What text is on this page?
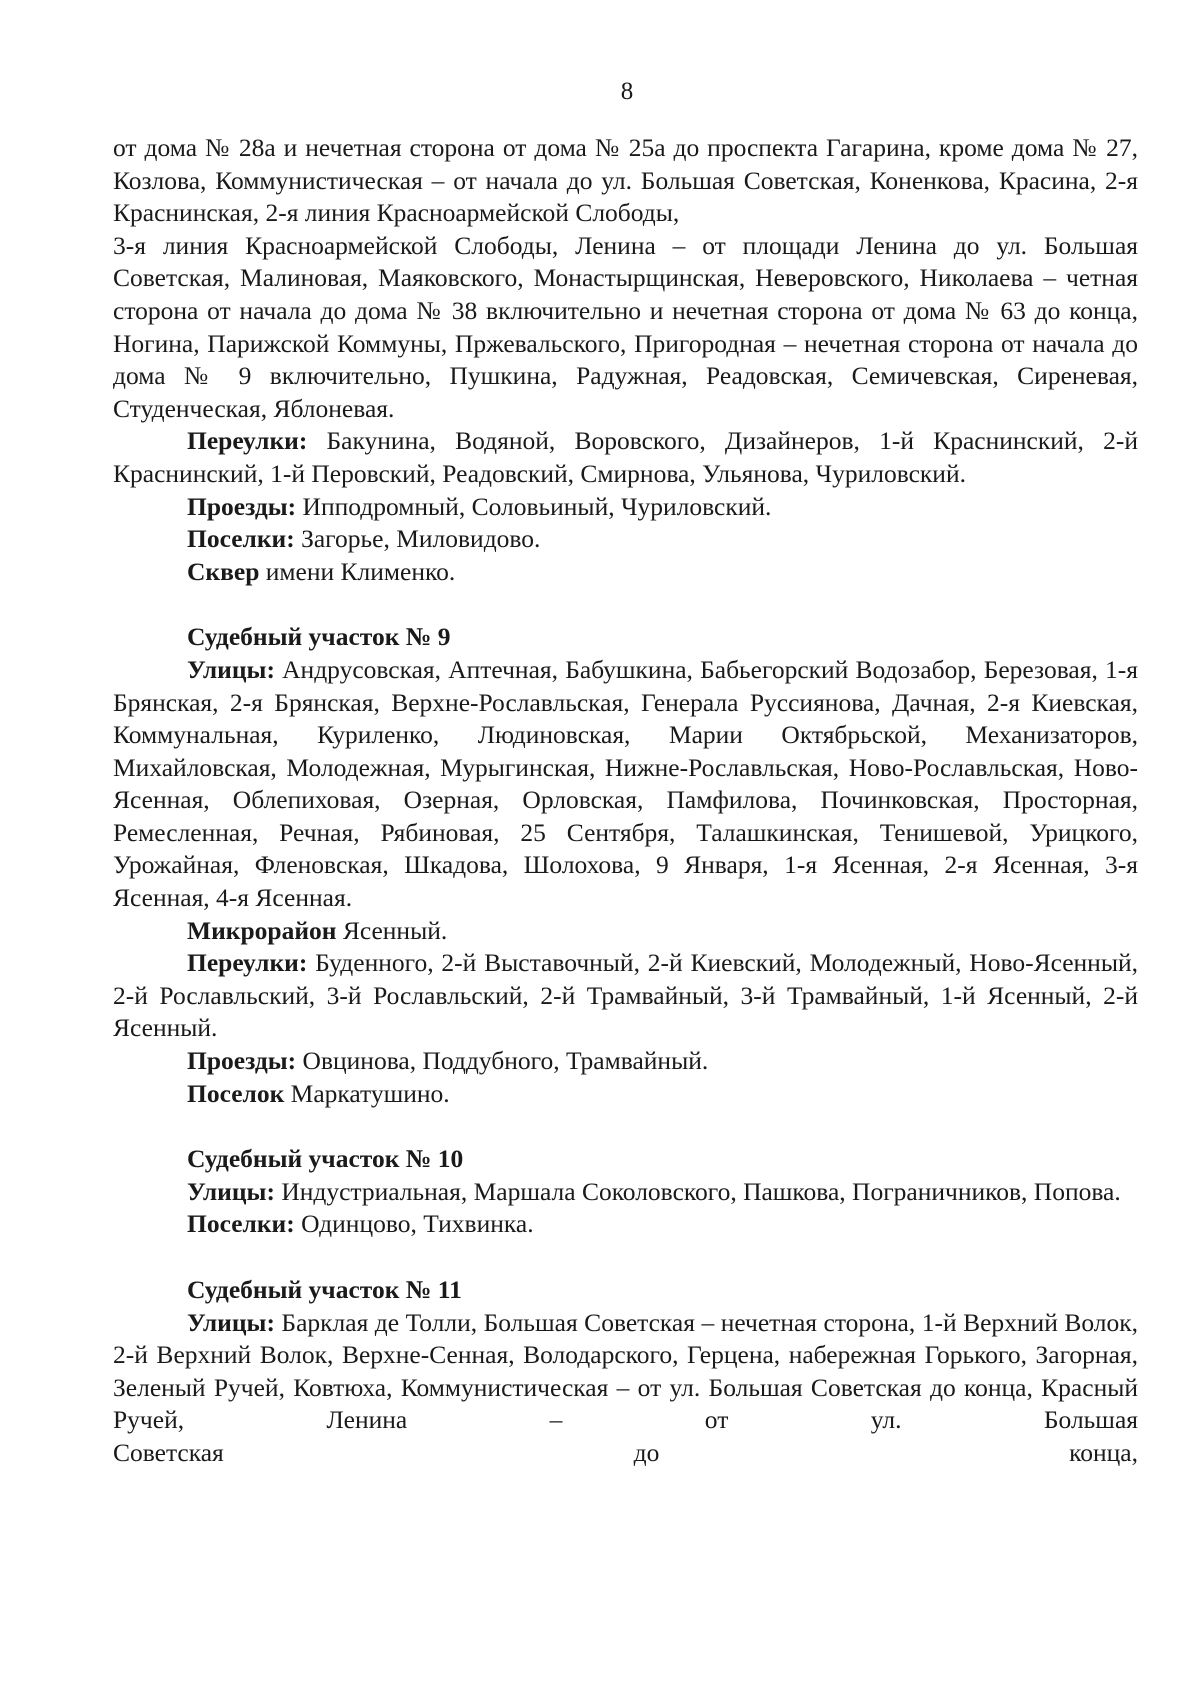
8

от дома № 28а и нечетная сторона от дома № 25а до проспекта Гагарина, кроме дома № 27, Козлова, Коммунистическая – от начала до ул. Большая Советская, Коненкова, Красина, 2-я Краснинская, 2-я линия Красноармейской Слободы,

3-я линия Красноармейской Слободы, Ленина – от площади Ленина до ул. Большая Советская, Малиновая, Маяковского, Монастырщинская, Неверовского, Николаева – четная сторона от начала до дома № 38 включительно и нечетная сторона от дома № 63 до конца, Ногина, Парижской Коммуны, Пржевальского, Пригородная – нечетная сторона от начала до дома № 9 включительно, Пушкина, Радужная, Реадовская, Семичевская, Сиреневая, Студенческая, Яблоневая.

Переулки: Бакунина, Водяной, Воровского, Дизайнеров, 1-й Краснинский, 2-й Краснинский, 1-й Перовский, Реадовский, Смирнова, Ульянова, Чуриловский.

Проезды: Ипподромный, Соловьиный, Чуриловский.

Поселки: Загорье, Миловидово.

Сквер имени Клименко.

Судебный участок № 9

Улицы: Андрусовская, Аптечная, Бабушкина, Бабьегорский Водозабор, Березовая, 1-я Брянская, 2-я Брянская, Верхне-Рославльская, Генерала Руссиянова, Дачная, 2-я Киевская, Коммунальная, Куриленко, Людиновская, Марии Октябрьской, Механизаторов, Михайловская, Молодежная, Мурыгинская, Нижне-Рославльская, Ново-Рославльская, Ново-Ясенная, Облепиховая, Озерная, Орловская, Памфилова, Починковская, Просторная, Ремесленная, Речная, Рябиновая, 25 Сентября, Талашкинская, Тенишевой, Урицкого, Урожайная, Фленовская, Шкадова, Шолохова, 9 Января, 1-я Ясенная, 2-я Ясенная, 3-я Ясенная, 4-я Ясенная.

Микрорайон Ясенный.

Переулки: Буденного, 2-й Выставочный, 2-й Киевский, Молодежный, Ново-Ясенный, 2-й Рославльский, 3-й Рославльский, 2-й Трамвайный, 3-й Трамвайный, 1-й Ясенный, 2-й Ясенный.

Проезды: Овцинова, Поддубного, Трамвайный.

Поселок Маркатушино.

Судебный участок № 10

Улицы: Индустриальная, Маршала Соколовского, Пашкова, Пограничников, Попова.

Поселки: Одинцово, Тихвинка.

Судебный участок № 11

Улицы: Барклая де Толли, Большая Советская – нечетная сторона, 1-й Верхний Волок, 2-й Верхний Волок, Верхне-Сенная, Володарского, Герцена, набережная Горького, Загорная, Зеленый Ручей, Ковтюха, Коммунистическая – от ул. Большая Советская до конца, Красный Ручей, Ленина – от ул. Большая

Советская до конца,
